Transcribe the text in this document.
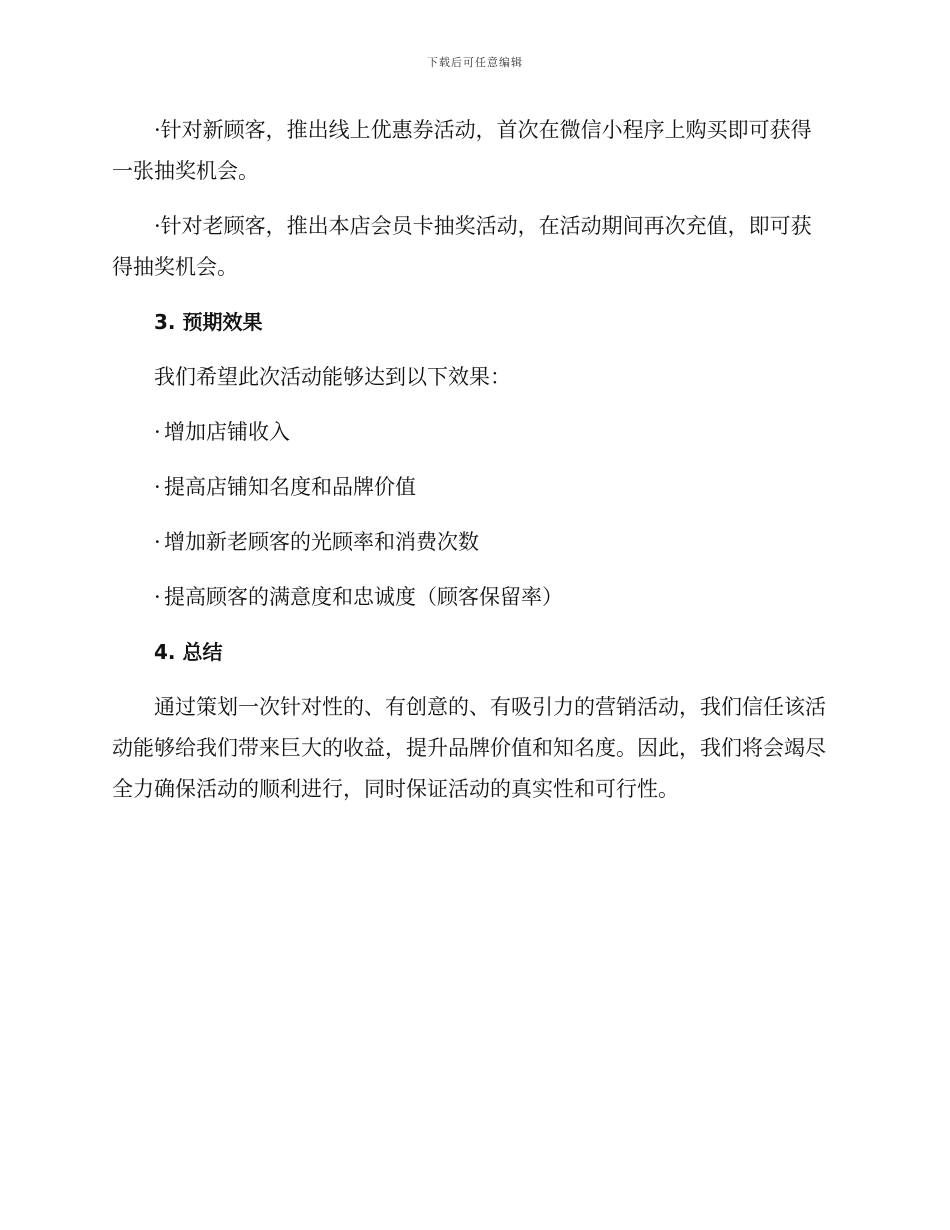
下载后可任意编辑

·针对新顾客，推出线上优惠券活动，首次在微信小程序上购买即可获得一张抽奖机会。

·针对老顾客，推出本店会员卡抽奖活动，在活动期间再次充值，即可获得抽奖机会。

3. 预期效果

我们希望此次活动能够达到以下效果：

· 增加店铺收入
· 提高店铺知名度和品牌价值
· 增加新老顾客的光顾率和消费次数
· 提高顾客的满意度和忠诚度（顾客保留率）
4. 总结

通过策划一次针对性的、有创意的、有吸引力的营销活动，我们信任该活动能够给我们带来巨大的收益，提升品牌价值和知名度。因此，我们将会竭尽全力确保活动的顺利进行，同时保证活动的真实性和可行性。
